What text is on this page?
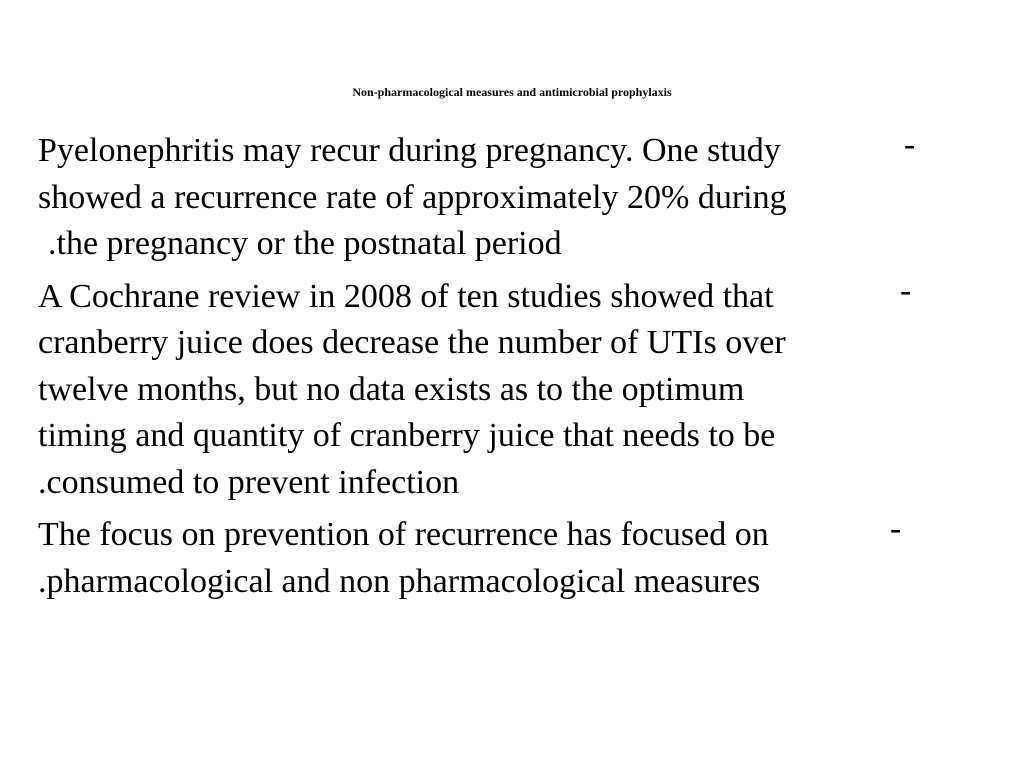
Non-pharmacological measures and antimicrobial prophylaxis
Pyelonephritis may recur during pregnancy. One study	-
showed a recurrence rate of approximately 20% during
.the pregnancy or the postnatal period
A Cochrane review in 2008 of ten studies showed that	-
cranberry juice does decrease the number of UTIs over
twelve months, but no data exists as to the optimum
timing and quantity of cranberry juice that needs to be
.consumed to prevent infection
The focus on prevention of recurrence has focused on	-
.pharmacological and non pharmacological measures
